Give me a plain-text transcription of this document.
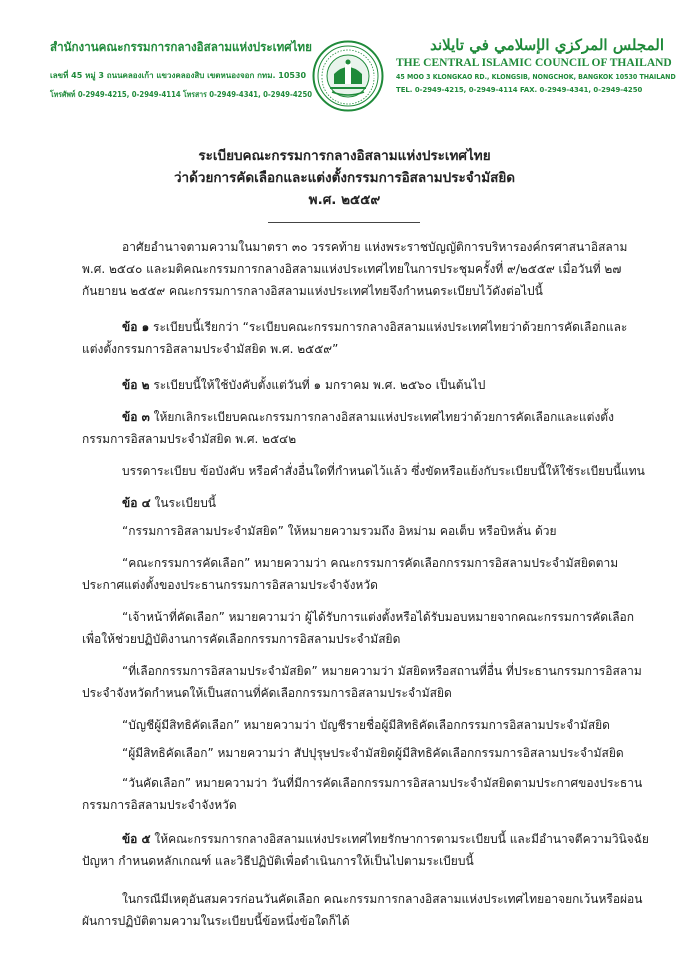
สำนักงานคณะกรรมการกลางอิสลามแห่งประเทศไทย
เลขที่ 45 หมู่ 3 ถนนคลองเก้า แขวงคลองสิบ เขตหนองจอก กทม. 10530
โทรศัพท์ 0-2949-4215, 0-2949-4114 โทรสาร 0-2949-4341, 0-2949-4250
المجلس المركزي الإسلامي في تايلاند
THE CENTRAL ISLAMIC COUNCIL OF THAILAND
45 MOO 3 KLONGKAO RD., KLONGSIB, NONGCHOK, BANGKOK 10530 THAILAND
TEL. 0-2949-4215, 0-2949-4114 FAX. 0-2949-4341, 0-2949-4250
ระเบียบคณะกรรมการกลางอิสลามแห่งประเทศไทย
ว่าด้วยการคัดเลือกและแต่งตั้งกรรมการอิสลามประจำมัสยิด
พ.ศ. ๒๕๕๙
อาศัยอำนาจตามความในมาตรา ๓๐ วรรคท้าย แห่งพระราชบัญญัติการบริหารองค์กรศาสนาอิสลาม
พ.ศ. ๒๕๔๐ และมติคณะกรรมการกลางอิสลามแห่งประเทศไทยในการประชุมครั้งที่ ๙/๒๕๕๙ เมื่อวันที่ ๒๗
กันยายน ๒๕๕๙ คณะกรรมการกลางอิสลามแห่งประเทศไทยจึงกำหนดระเบียบไว้ดังต่อไปนี้
ข้อ ๑ ระเบียบนี้เรียกว่า “ระเบียบคณะกรรมการกลางอิสลามแห่งประเทศไทยว่าด้วยการคัดเลือกและ
แต่งตั้งกรรมการอิสลามประจำมัสยิด พ.ศ. ๒๕๕๙”
ข้อ ๒ ระเบียบนี้ให้ใช้บังคับตั้งแต่วันที่ ๑ มกราคม พ.ศ. ๒๕๖๐ เป็นต้นไป
ข้อ ๓ ให้ยกเลิกระเบียบคณะกรรมการกลางอิสลามแห่งประเทศไทยว่าด้วยการคัดเลือกและแต่งตั้ง
กรรมการอิสลามประจำมัสยิด พ.ศ. ๒๕๔๒
บรรดาระเบียบ ข้อบังคับ หรือคำสั่งอื่นใดที่กำหนดไว้แล้ว ซึ่งขัดหรือแย้งกับระเบียบนี้ให้ใช้ระเบียบนี้แทน
ข้อ ๔ ในระเบียบนี้
“กรรมการอิสลามประจำมัสยิด” ให้หมายความรวมถึง อิหม่าม คอเต็บ หรือบิหลั่น ด้วย
“คณะกรรมการคัดเลือก” หมายความว่า คณะกรรมการคัดเลือกกรรมการอิสลามประจำมัสยิดตาม
ประกาศแต่งตั้งของประธานกรรมการอิสลามประจำจังหวัด
“เจ้าหน้าที่คัดเลือก” หมายความว่า ผู้ได้รับการแต่งตั้งหรือได้รับมอบหมายจากคณะกรรมการคัดเลือก
เพื่อให้ช่วยปฏิบัติงานการคัดเลือกกรรมการอิสลามประจำมัสยิด
“ที่เลือกกรรมการอิสลามประจำมัสยิด” หมายความว่า มัสยิดหรือสถานที่อื่น ที่ประธานกรรมการอิสลาม
ประจำจังหวัดกำหนดให้เป็นสถานที่คัดเลือกกรรมการอิสลามประจำมัสยิด
“บัญชีผู้มีสิทธิคัดเลือก” หมายความว่า บัญชีรายชื่อผู้มีสิทธิคัดเลือกกรรมการอิสลามประจำมัสยิด
“ผู้มีสิทธิคัดเลือก” หมายความว่า สัปปุรุษประจำมัสยิดผู้มีสิทธิคัดเลือกกรรมการอิสลามประจำมัสยิด
“วันคัดเลือก” หมายความว่า วันที่มีการคัดเลือกกรรมการอิสลามประจำมัสยิดตามประกาศของประธาน
กรรมการอิสลามประจำจังหวัด
ข้อ ๕ ให้คณะกรรมการกลางอิสลามแห่งประเทศไทยรักษาการตามระเบียบนี้ และมีอำนาจตีความวินิจฉัย
ปัญหา กำหนดหลักเกณฑ์ และวิธีปฏิบัติเพื่อดำเนินการให้เป็นไปตามระเบียบนี้
ในกรณีมีเหตุอันสมควรก่อนวันคัดเลือก คณะกรรมการกลางอิสลามแห่งประเทศไทยอาจยกเว้นหรือผ่อน
ผันการปฏิบัติตามความในระเบียบนี้ข้อหนึ่งข้อใดก็ได้
